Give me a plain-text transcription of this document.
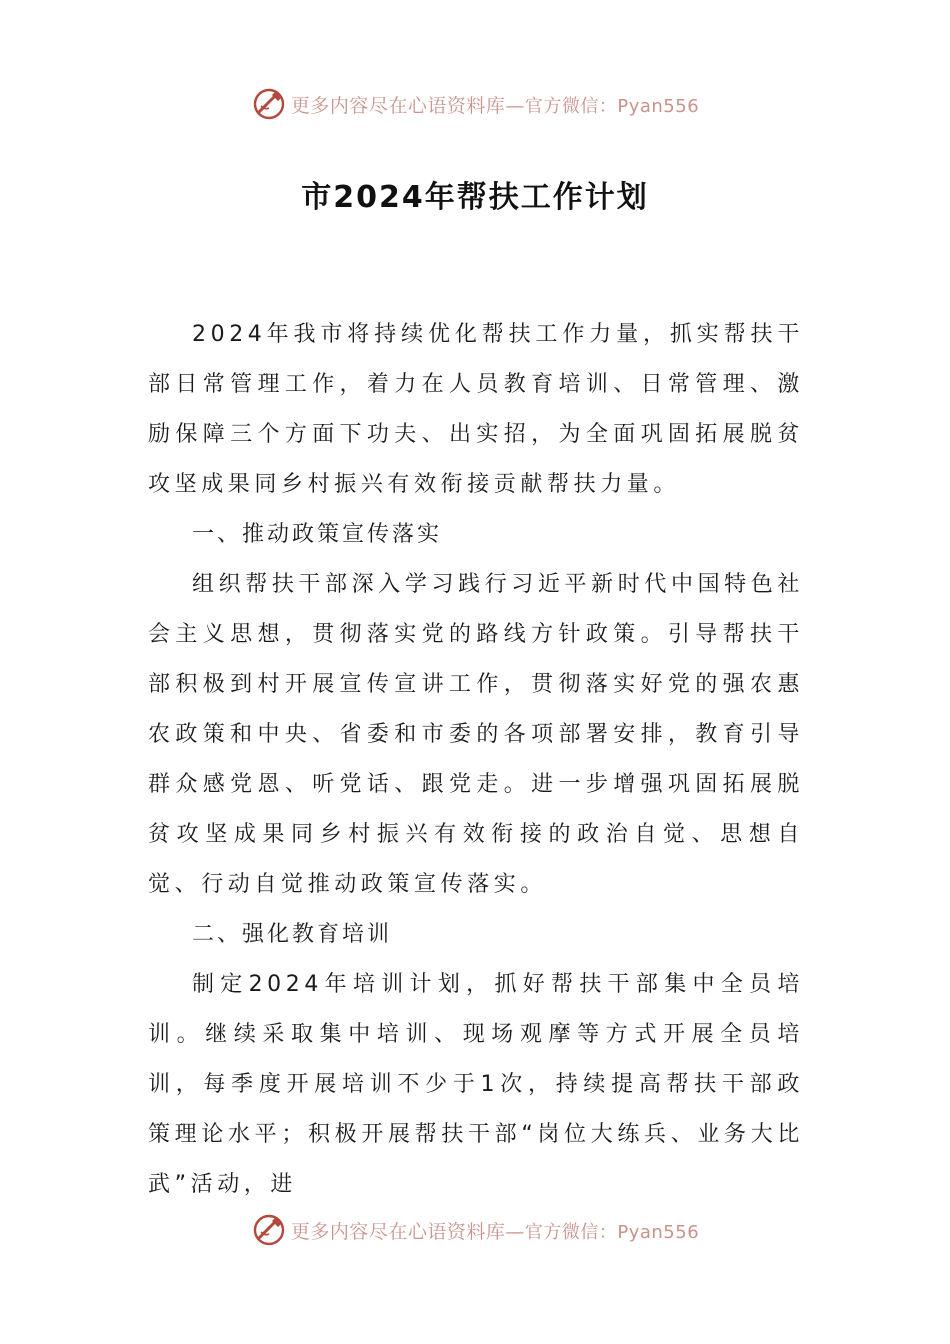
更多内容尽在心语资料库—官方微信：Pyan556
市2024年帮扶工作计划

2024年我市将持续优化帮扶工作力量，抓实帮扶干部日常管理工作，着力在人员教育培训、日常管理、激励保障三个方面下功夫、出实招，为全面巩固拓展脱贫攻坚成果同乡村振兴有效衔接贡献帮扶力量。

一、推动政策宣传落实

组织帮扶干部深入学习践行习近平新时代中国特色社会主义思想，贯彻落实党的路线方针政策。引导帮扶干部积极到村开展宣传宣讲工作，贯彻落实好党的强农惠农政策和中央、省委和市委的各项部署安排，教育引导群众感党恩、听党话、跟党走。进一步增强巩固拓展脱贫攻坚成果同乡村振兴有效衔接的政治自觉、思想自觉、行动自觉推动政策宣传落实。

二、强化教育培训

制定2024年培训计划，抓好帮扶干部集中全员培训。继续采取集中培训、现场观摩等方式开展全员培训，每季度开展培训不少于1次，持续提高帮扶干部政策理论水平；积极开展帮扶干部“岗位大练兵、业务大比武”活动，进

更多内容尽在心语资料库—官方微信：Pyan556
